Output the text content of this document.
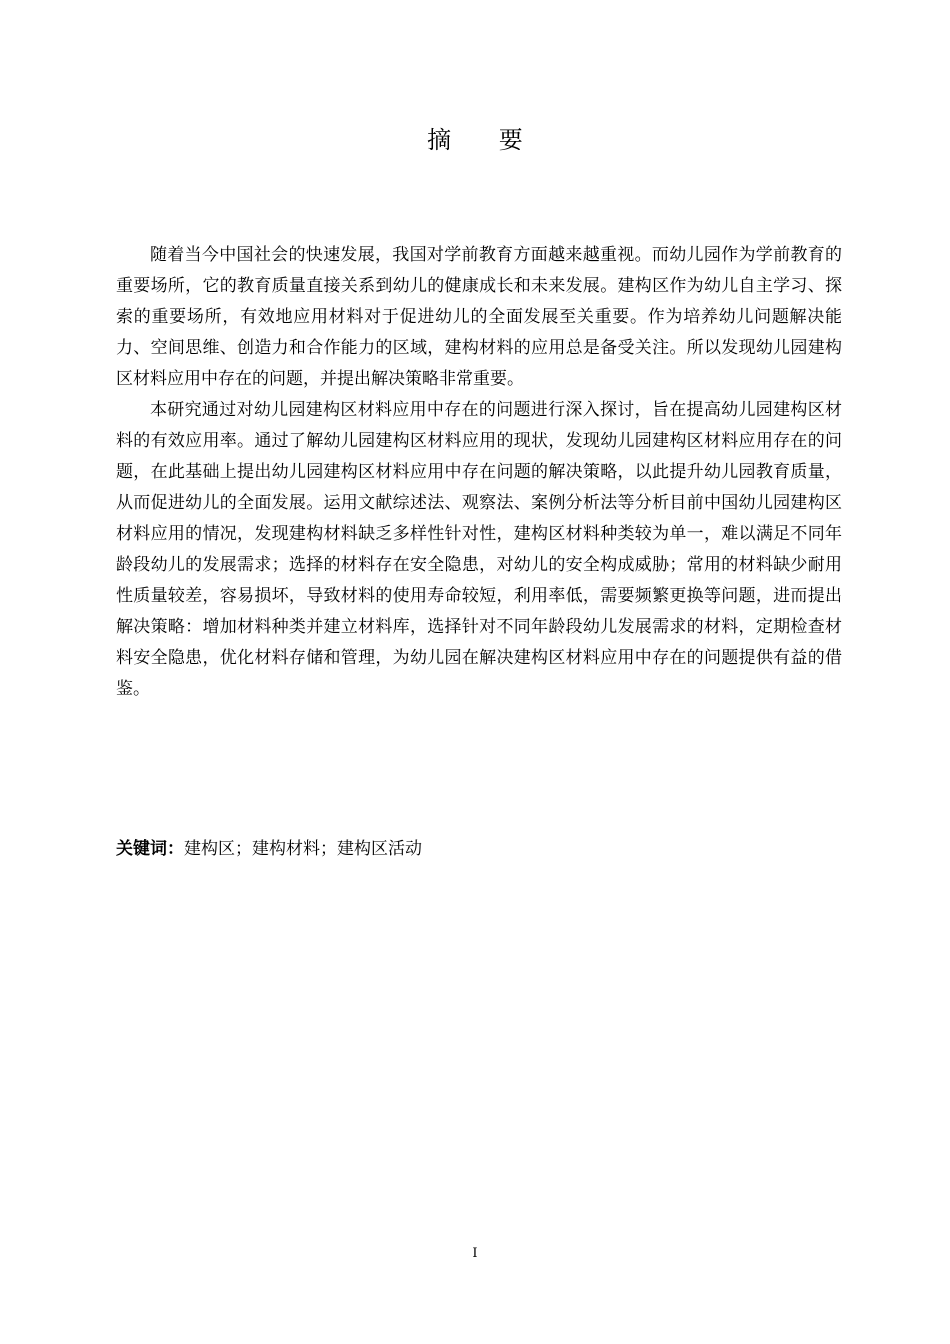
摘 要

随着当今中国社会的快速发展，我国对学前教育方面越来越重视。而幼儿园作为学前教育的重要场所，它的教育质量直接关系到幼儿的健康成长和未来发展。建构区作为幼儿自主学习、探索的重要场所，有效地应用材料对于促进幼儿的全面发展至关重要。作为培养幼儿问题解决能力、空间思维、创造力和合作能力的区域，建构材料的应用总是备受关注。所以发现幼儿园建构区材料应用中存在的问题，并提出解决策略非常重要。

本研究通过对幼儿园建构区材料应用中存在的问题进行深入探讨，旨在提高幼儿园建构区材料的有效应用率。通过了解幼儿园建构区材料应用的现状，发现幼儿园建构区材料应用存在的问题，在此基础上提出幼儿园建构区材料应用中存在问题的解决策略，以此提升幼儿园教育质量，从而促进幼儿的全面发展。运用文献综述法、观察法、案例分析法等分析目前中国幼儿园建构区材料应用的情况，发现建构材料缺乏多样性针对性，建构区材料种类较为单一，难以满足不同年龄段幼儿的发展需求；选择的材料存在安全隐患，对幼儿的安全构成威胁；常用的材料缺少耐用性质量较差，容易损坏，导致材料的使用寿命较短，利用率低，需要频繁更换等问题，进而提出解决策略：增加材料种类并建立材料库，选择针对不同年龄段幼儿发展需求的材料，定期检查材料安全隐患，优化材料存储和管理，为幼儿园在解决建构区材料应用中存在的问题提供有益的借鉴。

关键词：建构区；建构材料；建构区活动
I
